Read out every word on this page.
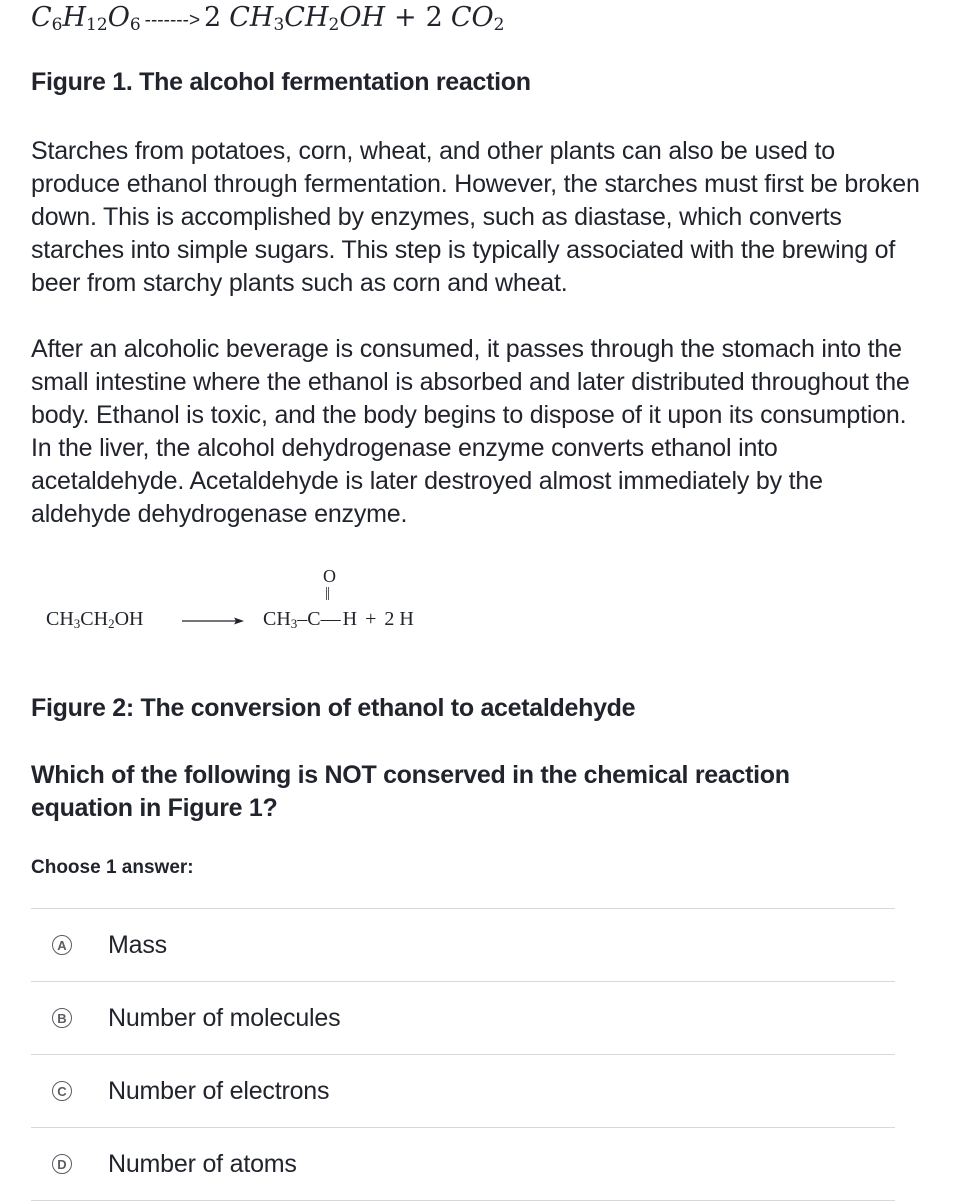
$C_6H_{12}O_6$ -------> 2 $CH_3CH_2OH + 2$ $CO_2$
Figure 1. The alcohol fermentation reaction
Starches from potatoes, corn, wheat, and other plants can also be used to produce ethanol through fermentation. However, the starches must first be broken down. This is accomplished by enzymes, such as diastase, which converts starches into simple sugars. This step is typically associated with the brewing of beer from starchy plants such as corn and wheat.
After an alcoholic beverage is consumed, it passes through the stomach into the small intestine where the ethanol is absorbed and later distributed throughout the body. Ethanol is toxic, and the body begins to dispose of it upon its consumption. In the liver, the alcohol dehydrogenase enzyme converts ethanol into acetaldehyde. Acetaldehyde is later destroyed almost immediately by the aldehyde dehydrogenase enzyme.
$CH_3CH_2OH$
O
||
$CH_3-C—$ H + 2 H
Figure 2: The conversion of ethanol to acetaldehyde
Which of the following is NOT conserved in the chemical reaction equation in Figure 1?
Choose 1 answer:
A Mass
B Number of molecules
C Number of electrons
D Number of atoms
